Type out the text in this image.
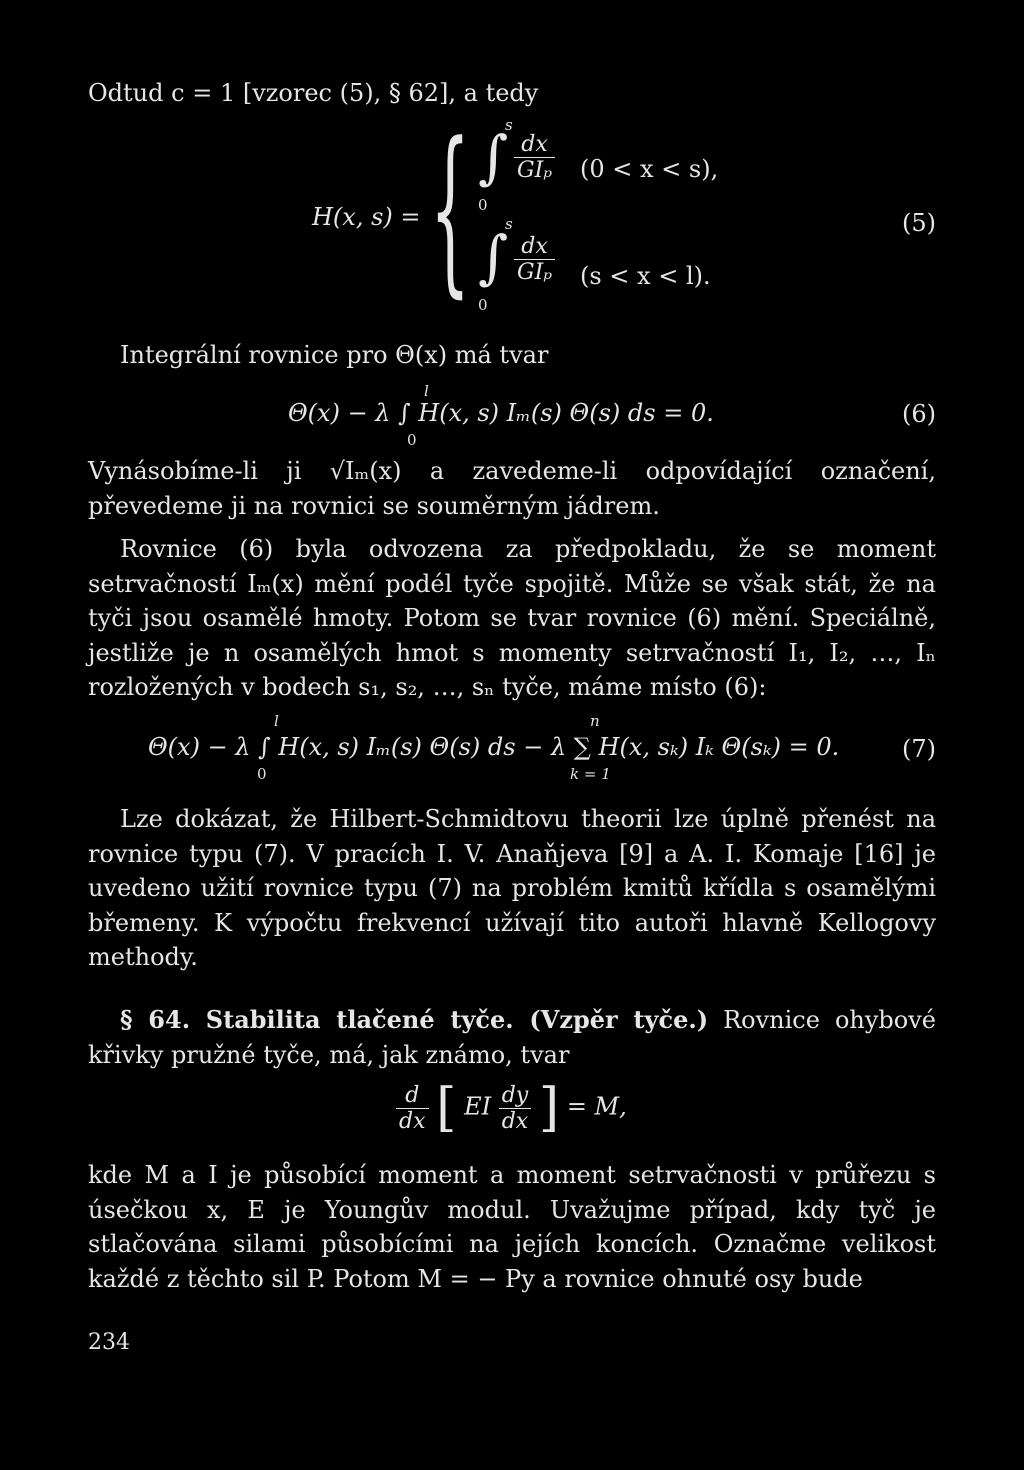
Odtud c = 1 [vzorec (5), § 62], a tedy
H(x, s) = { s
∫
0
$\frac{dx}{\text{GIₚ}} (0 < x < s)$,
s
∫
0
$\frac{dx}{\text{GIₚ}} (s < x < l)$.
(5)
Integrální rovnice pro Θ(x) má tvar
l
0
Θ(x) − λ ∫ H(x, s) Iₘ(s) Θ(s) ds = 0.	(6)
Vynásobíme-li ji √Iₘ(x) a zavedeme-li odpovídající označení, převedeme ji na rovnici se souměrným jádrem.
Rovnice (6) byla odvozena za předpokladu, že se moment setrvačností Iₘ(x) mění podél tyče spojitě. Může se však stát, že na tyči jsou osamělé hmoty. Potom se tvar rovnice (6) mění. Speciálně, jestliže je n osamělých hmot s momenty setrvačností I₁, I₂, …, Iₙ rozložených v bodech s₁, s₂, …, sₙ tyče, máme místo (6):
l
0
n
k = 1
Θ(x) − λ ∫ H(x, s) Iₘ(s) Θ(s) ds − λ ∑ H(x, sₖ) Iₖ Θ(sₖ) = 0.	(7)
Lze dokázat, že Hilbert-Schmidtovu theorii lze úplně přenést na rovnice typu (7). V pracích I. V. Anaňjeva [9] a A. I. Komaje [16] je uvedeno užití rovnice typu (7) na problém kmitů křídla s osamělými břemeny. K výpočtu frekvencí užívají tito autoři hlavně Kellogovy methody.
§ 64. Stabilita tlačené tyče. (Vzpěr tyče.) Rovnice ohybové křivky pružné tyče, má, jak známo, tvar
$\frac{d}{dx}$ [ EI $\frac{dy}{dx}$ ] = M,
kde M a I je působící moment a moment setrvačnosti v průřezu s úsečkou x, E je Youngův modul. Uvažujme případ, kdy tyč je stlačována silami působícími na jejích koncích. Označme velikost každé z těchto sil P. Potom M = − Py a rovnice ohnuté osy bude
234
